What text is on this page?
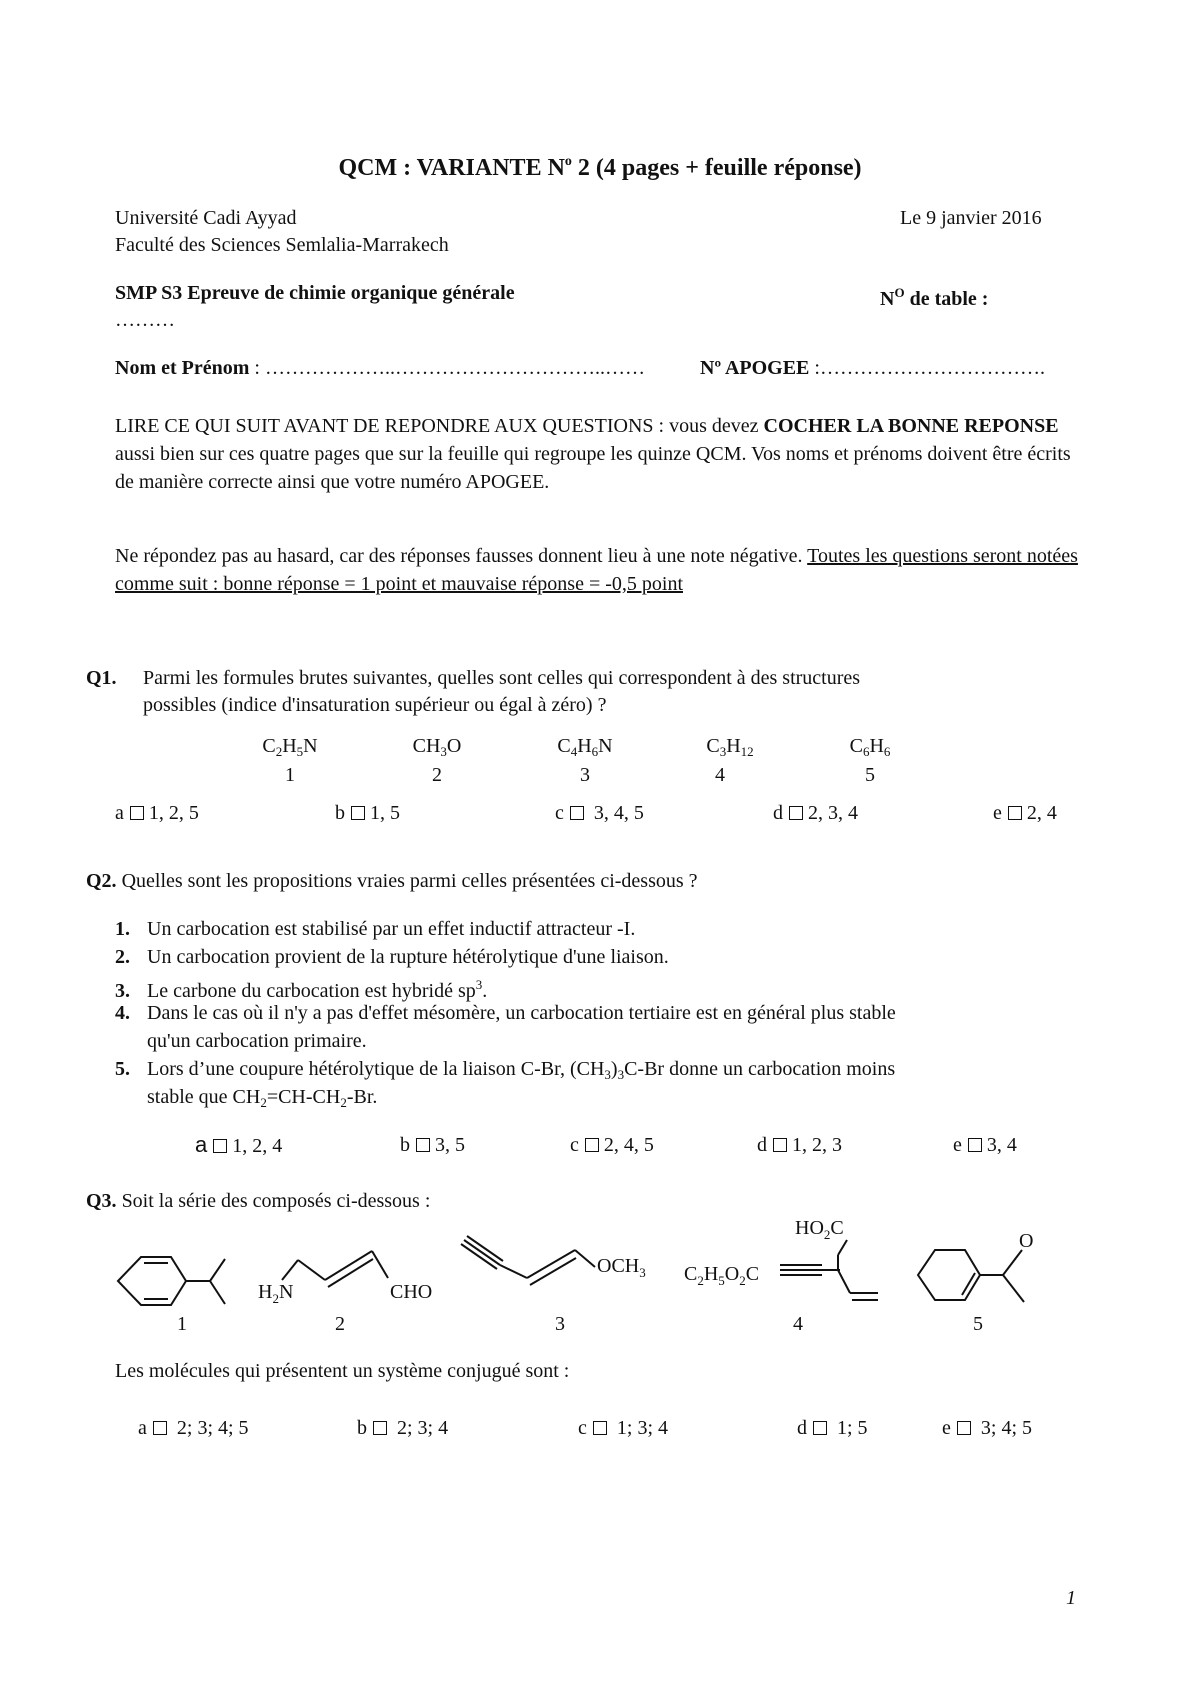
QCM : VARIANTE $N^o$ 2 (4 pages + feuille réponse)
Université Cadi Ayyad
Faculté des Sciences Semlalia-Marrakech
Le 9 janvier 2016
SMP S3 Epreuve de chimie organique générale	$N^O$ de table :
………
Nom et Prénom : ………………..…………………………..……	Nº APOGEE :…………………………….
LIRE CE QUI SUIT AVANT DE REPONDRE AUX QUESTIONS : vous devez COCHER LA BONNE REPONSE aussi bien sur ces quatre pages que sur la feuille qui regroupe les quinze QCM. Vos noms et prénoms doivent être écrits de manière correcte ainsi que votre numéro APOGEE.
Ne répondez pas au hasard, car des réponses fausses donnent lieu à une note négative. Toutes les questions seront notées comme suit : bonne réponse = 1 point et mauvaise réponse = -0,5 point
Q1. Parmi les formules brutes suivantes, quelles sont celles qui correspondent à des structures
possibles (indice d'insaturation supérieur ou égal à zéro) ?
$C_2H_5N$	$CH_3O$	$C_4H_6N$	$C_3H_{12}$	$C_6H_6$
1	2	3	4	5
a 1, 2, 5	b 1, 5	c 3, 4, 5	d 2, 3, 4	e 2, 4
Q2. Quelles sont les propositions vraies parmi celles présentées ci-dessous ?
1. Un carbocation est stabilisé par un effet inductif attracteur -I.
2. Un carbocation provient de la rupture hétérolytique d'une liaison.
3. Le carbone du carbocation est hybridé $sp^3$.
4. Dans le cas où il n'y a pas d'effet mésomère, un carbocation tertiaire est en général plus stable
qu'un carbocation primaire.
5. Lors d’une coupure hétérolytique de la liaison C-Br, $(CH_3)_3C-Br$ donne un carbocation moins
stable que $CH_2=CH-CH_2-Br$.
a 1, 2, 4	b 3, 5	c 2, 4, 5	d 1, 2, 3	e 3, 4
Q3. Soit la série des composés ci-dessous :
$H_2N$	CHO
$OCH_3$
$HO_2C$
$C_2H_5O_2C$
O
1	2	3	4	5
Les molécules qui présentent un système conjugué sont :
a 2; 3; 4; 5	b 2; 3; 4	c 1; 3; 4	d 1; 5	e 3; 4; 5
1
